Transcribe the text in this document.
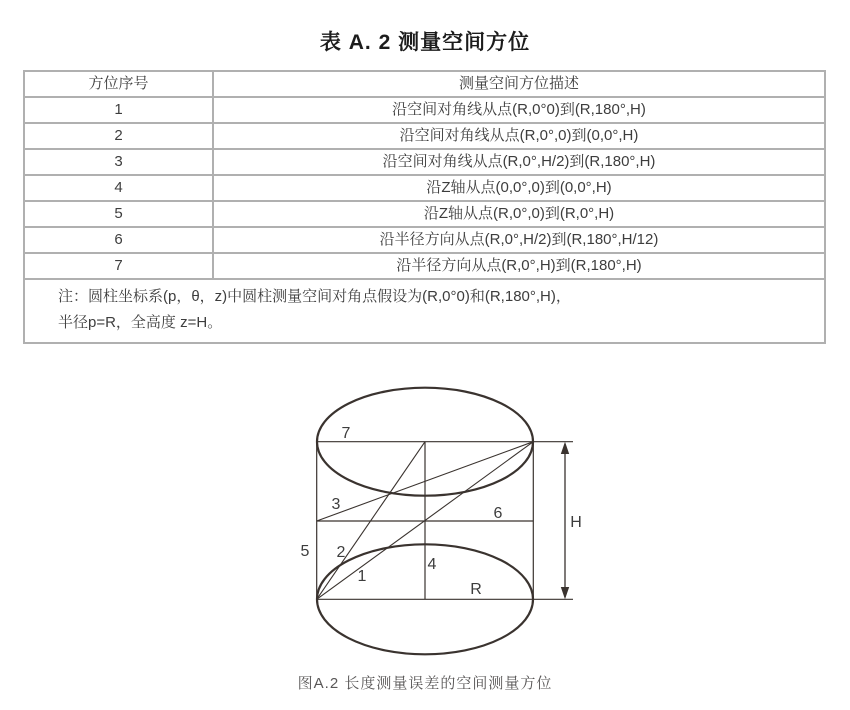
表 A. 2 测量空间方位
方位序号	测量空间方位描述
1	沿空间对角线从点(R,0°0)到(R,180°,H)
2	沿空间对角线从点(R,0°,0)到(0,0°,H)
3	沿空间对角线从点(R,0°,H/2)到(R,180°,H)
4	沿Z轴从点(0,0°,0)到(0,0°,H)
5	沿Z轴从点(R,0°,0)到(R,0°,H)
6	沿半径方向从点(R,0°,H/2)到(R,180°,H/12)
7	沿半径方向从点(R,0°,H)到(R,180°,H)

注：圆柱坐标系(p，θ，z)中圆柱测量空间对角点假设为(R,0°0)和(R,180°,H)，
半径p=R，全高度 z=H。	
7
3
6
5 2
1
4
R
H
图A.2 长度测量误差的空间测量方位
